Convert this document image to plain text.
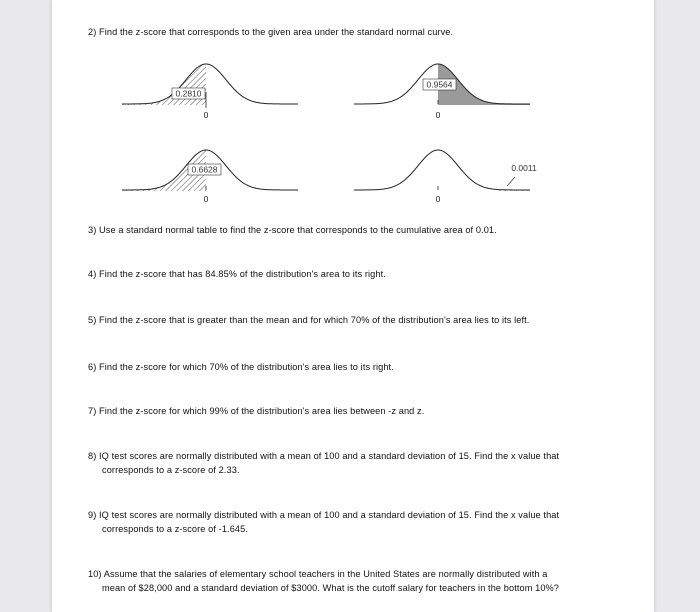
2) Find the z-score that corresponds to the given area under the standard normal curve.
0.2810
0
0.9564
0
0.6628
0
0.0011
0
3) Use a standard normal table to find the z-score that corresponds to the cumulative area of 0.01.
4) Find the z-score that has 84.85% of the distribution's area to its right.
5) Find the z-score that is greater than the mean and for which 70% of the distribution's area lies to its left.
6) Find the z-score for which 70% of the distribution's area lies to its right.
7) Find the z-score for which 99% of the distribution's area lies between -z and z.
8) IQ test scores are normally distributed with a mean of 100 and a standard deviation of 15. Find the x value that
corresponds to a z-score of 2.33.
9) IQ test scores are normally distributed with a mean of 100 and a standard deviation of 15. Find the x value that
corresponds to a z-score of -1.645.
10) Assume that the salaries of elementary school teachers in the United States are normally distributed with a
mean of $28,000 and a standard deviation of $3000. What is the cutoff salary for teachers in the bottom 10%?
